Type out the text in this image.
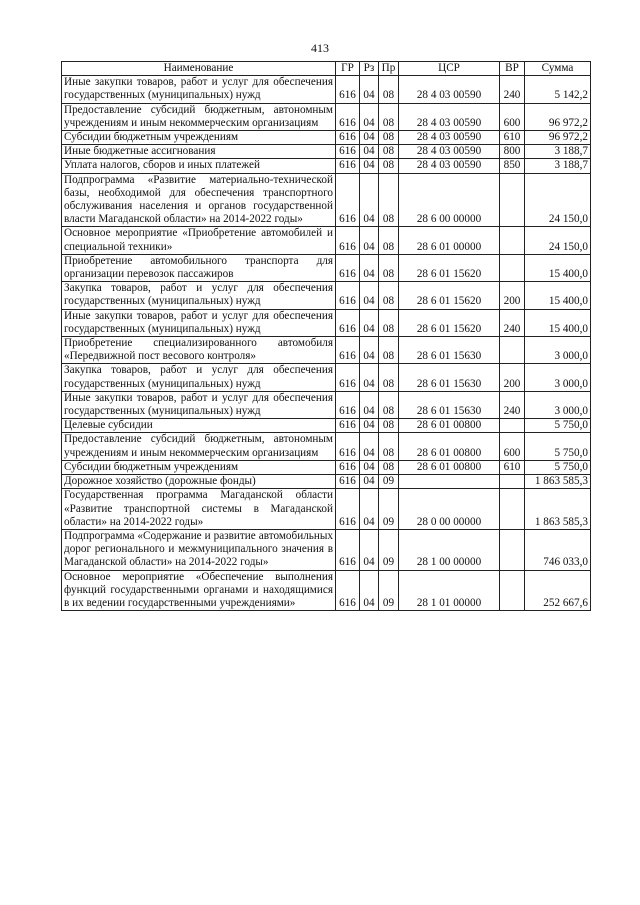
413
Наименование	ГР	Рз	Пр	ЦСР	ВР	Сумма
Иные закупки товаров, работ и услуг для обеспечения государственных (муниципальных) нужд	616	04	08	28 4 03 00590	240	5 142,2
Предоставление субсидий бюджетным, автономным учреждениям и иным некоммерческим организациям	616	04	08	28 4 03 00590	600	96 972,2
Субсидии бюджетным учреждениям	616	04	08	28 4 03 00590	610	96 972,2
Иные бюджетные ассигнования	616	04	08	28 4 03 00590	800	3 188,7
Уплата налогов, сборов и иных платежей	616	04	08	28 4 03 00590	850	3 188,7
Подпрограмма «Развитие материально-технической базы, необходимой для обеспечения транспортного обслуживания населения и органов государственной власти Магаданской области» на 2014-2022 годы»	616	04	08	28 6 00 00000		24 150,0
Основное мероприятие «Приобретение автомобилей и специальной техники»	616	04	08	28 6 01 00000		24 150,0
Приобретение автомобильного транспорта для организации перевозок пассажиров	616	04	08	28 6 01 15620		15 400,0
Закупка товаров, работ и услуг для обеспечения государственных (муниципальных) нужд	616	04	08	28 6 01 15620	200	15 400,0
Иные закупки товаров, работ и услуг для обеспечения государственных (муниципальных) нужд	616	04	08	28 6 01 15620	240	15 400,0
Приобретение специализированного автомобиля «Передвижной пост весового контроля»	616	04	08	28 6 01 15630		3 000,0
Закупка товаров, работ и услуг для обеспечения государственных (муниципальных) нужд	616	04	08	28 6 01 15630	200	3 000,0
Иные закупки товаров, работ и услуг для обеспечения государственных (муниципальных) нужд	616	04	08	28 6 01 15630	240	3 000,0
Целевые субсидии	616	04	08	28 6 01 00800		5 750,0
Предоставление субсидий бюджетным, автономным учреждениям и иным некоммерческим организациям	616	04	08	28 6 01 00800	600	5 750,0
Субсидии бюджетным учреждениям	616	04	08	28 6 01 00800	610	5 750,0
Дорожное хозяйство (дорожные фонды)	616	04	09			1 863 585,3
Государственная программа Магаданской области «Развитие транспортной системы в Магаданской области» на 2014-2022 годы»	616	04	09	28 0 00 00000		1 863 585,3
Подпрограмма «Содержание и развитие автомобильных дорог регионального и межмуниципального значения в Магаданской области» на 2014-2022 годы»	616	04	09	28 1 00 00000		746 033,0
Основное мероприятие «Обеспечение выполнения функций государственными органами и находящимися в их ведении государственными учреждениями»	616	04	09	28 1 01 00000		252 667,6
